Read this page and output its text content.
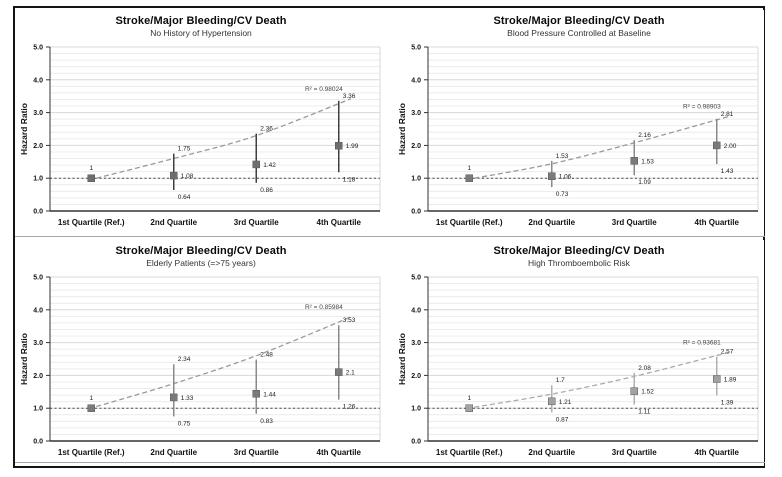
Stroke/Major Bleeding/CV Death
No History of Hypertension
0.0
1.0
2.0
3.0
4.0
5.0
Hazard Ratio
1st Quartile (Ref.)	2nd Quartile	3rd Quartile	4th Quartile
R² = 0.98024
1
1.75
0.64
1.08
2.36
0.86
1.42
3.36
1.18
1.99
Stroke/Major Bleeding/CV Death
Blood Pressure Controlled at Baseline
0.0
1.0
2.0
3.0
4.0
5.0
Hazard Ratio
1st Quartile (Ref.)	2nd Quartile	3rd Quartile	4th Quartile
R² = 0.98903
1
1.53
0.73
1.06
2.16
1.09
1.53
2.81
1.43
2.00
Stroke/Major Bleeding/CV Death
Elderly Patients (=>75 years)
0.0
1.0
2.0
3.0
4.0
5.0
Hazard Ratio
1st Quartile (Ref.)	2nd Quartile	3rd Quartile	4th Quartile
R² = 0.85984
1
2.34
0.75
1.33
2.48
0.83
1.44
3.53
1.26
2.1
Stroke/Major Bleeding/CV Death
High Thromboembolic Risk
0.0
1.0
2.0
3.0
4.0
5.0
Hazard Ratio
1st Quartile (Ref.)	2nd Quartile	3rd Quartile	4th Quartile
R² = 0.93681
1
1.7
0.87
1.21
2.08
1.11
1.52
2.57
1.39
1.89
